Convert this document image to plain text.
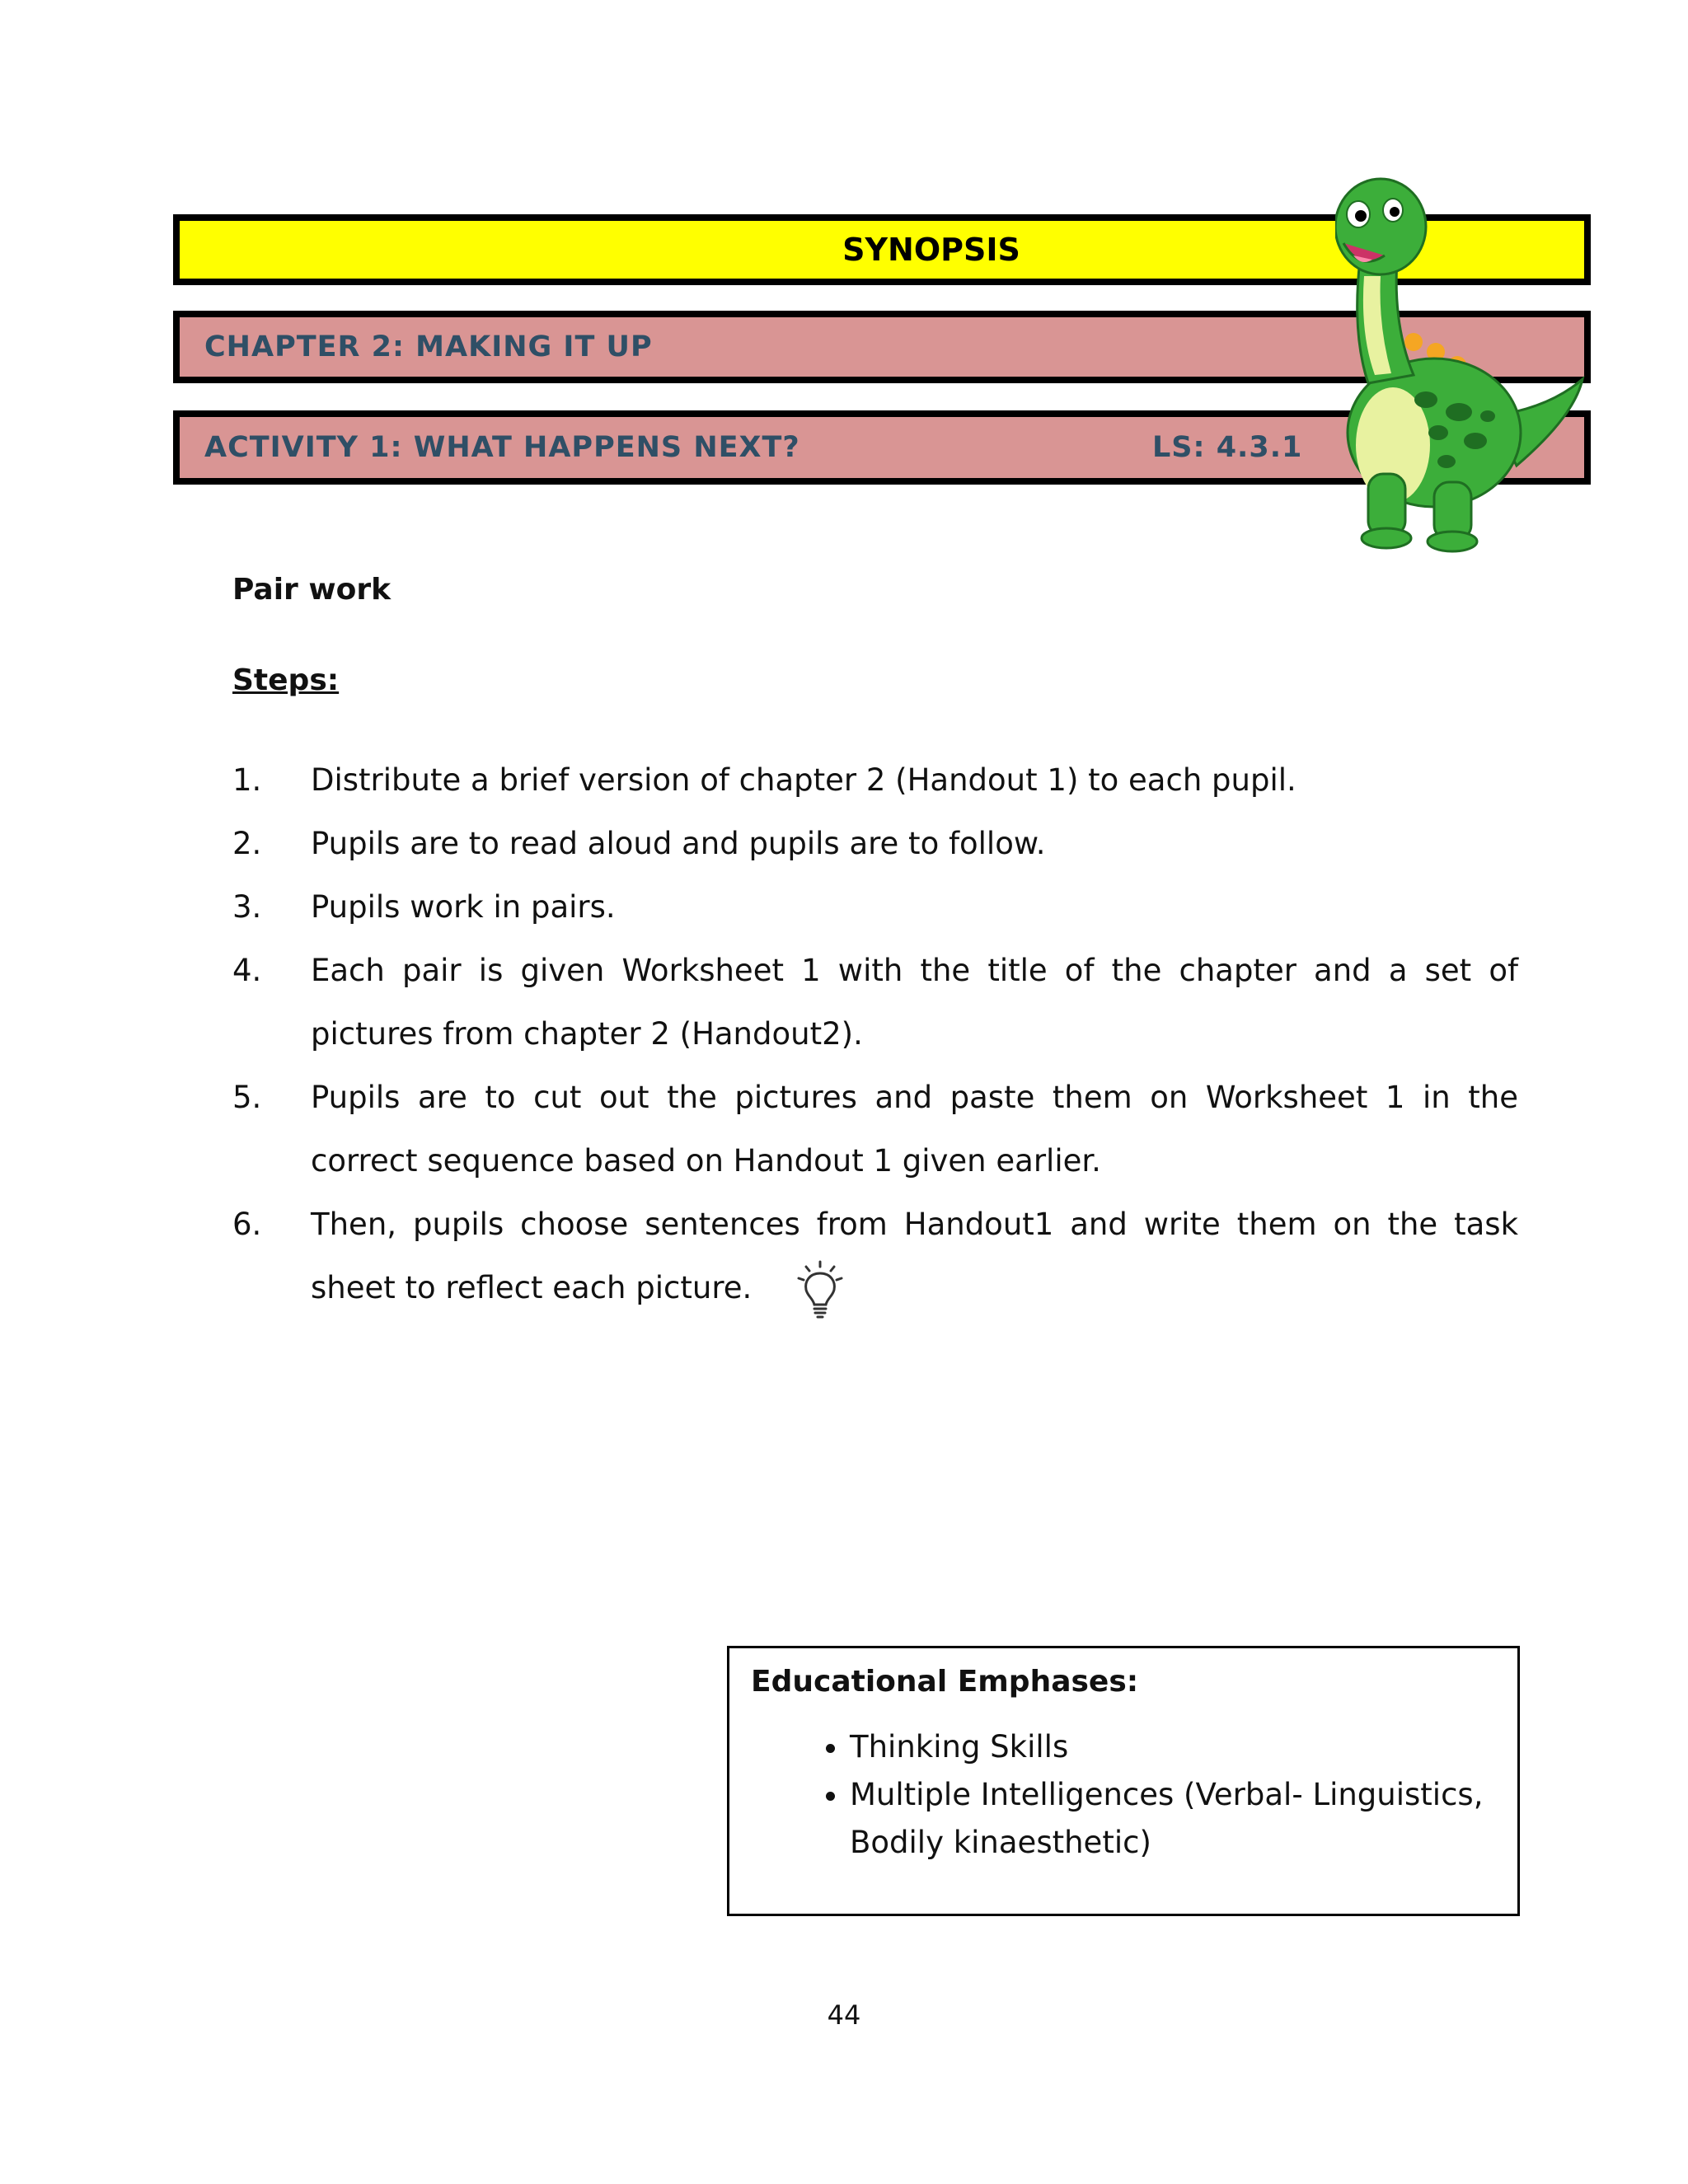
SYNOPSIS
CHAPTER 2: MAKING IT UP
ACTIVITY 1: WHAT HAPPENS NEXT?	LS: 4.3.1
Pair work
Steps:
1. Distribute a brief version of chapter 2 (Handout 1) to each pupil.
2. Pupils are to read aloud and pupils are to follow.
3. Pupils work in pairs.
4. Each pair is given Worksheet 1 with the title of the chapter and a set of pictures from chapter 2 (Handout2).
5. Pupils are to cut out the pictures and paste them on Worksheet 1 in the correct sequence based on Handout 1 given earlier.
6. Then, pupils choose sentences from Handout1 and write them on the task sheet to reflect each picture.
Educational Emphases:
• Thinking Skills
• Multiple Intelligences (Verbal- Linguistics, Bodily kinaesthetic)
44
